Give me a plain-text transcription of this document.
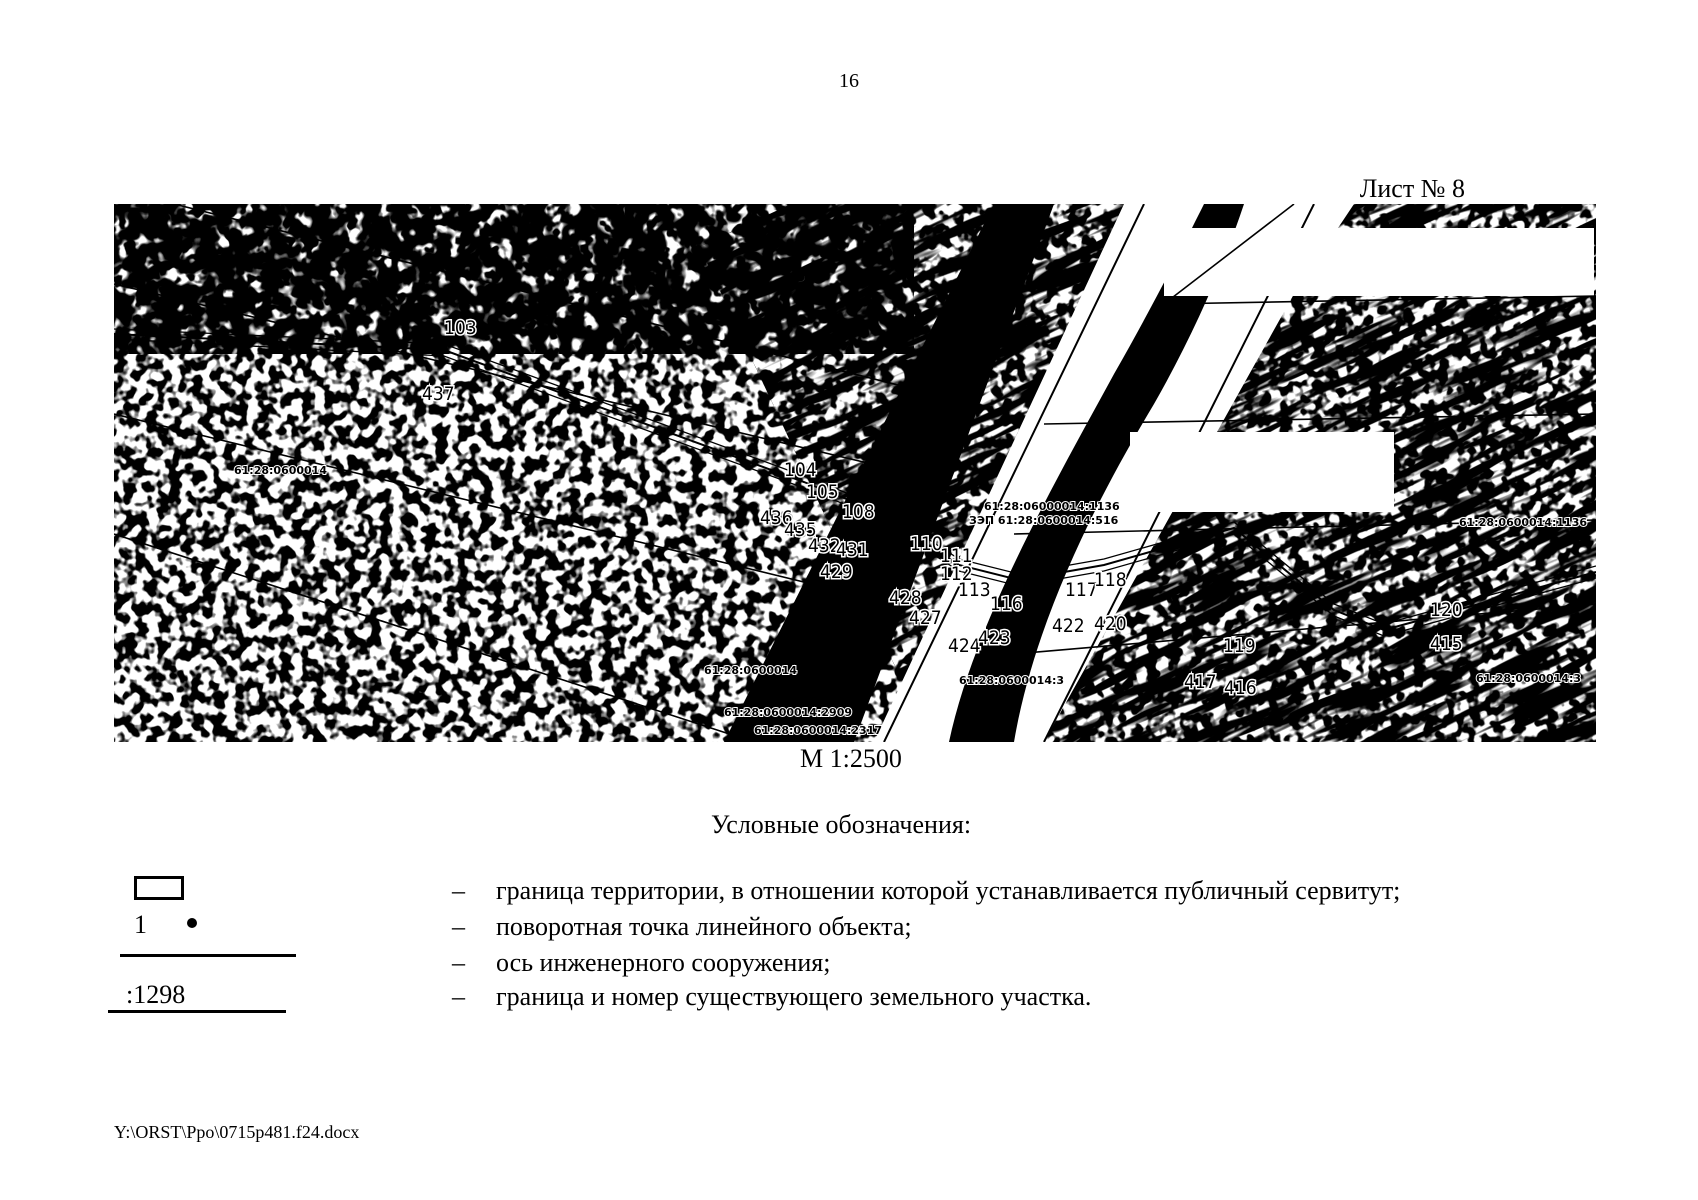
16
Лист № 8
103
437
104
105
436
435
108
432
431 110
111
429	112
113
428
427
116
424
423
117
118
422 420
119
417 416
120
415
61:28:06000014:1136
ЗЭП 61:28:0600014:516
61:28:0600014
61:28:0600014:1136
61:28:0600014
61:28:0600014:2909
61:28:0600014:3	61:28:0600014:3
61:28:0600014:2317
М 1:2500
Условные обозначения:
1
:1298
– граница территории, в отношении которой устанавливается публичный сервитут;
– поворотная точка линейного объекта;
– ось инженерного сооружения;
– граница и номер существующего земельного участка.
Y:\ORST\Ppo\0715p481.f24.docx
